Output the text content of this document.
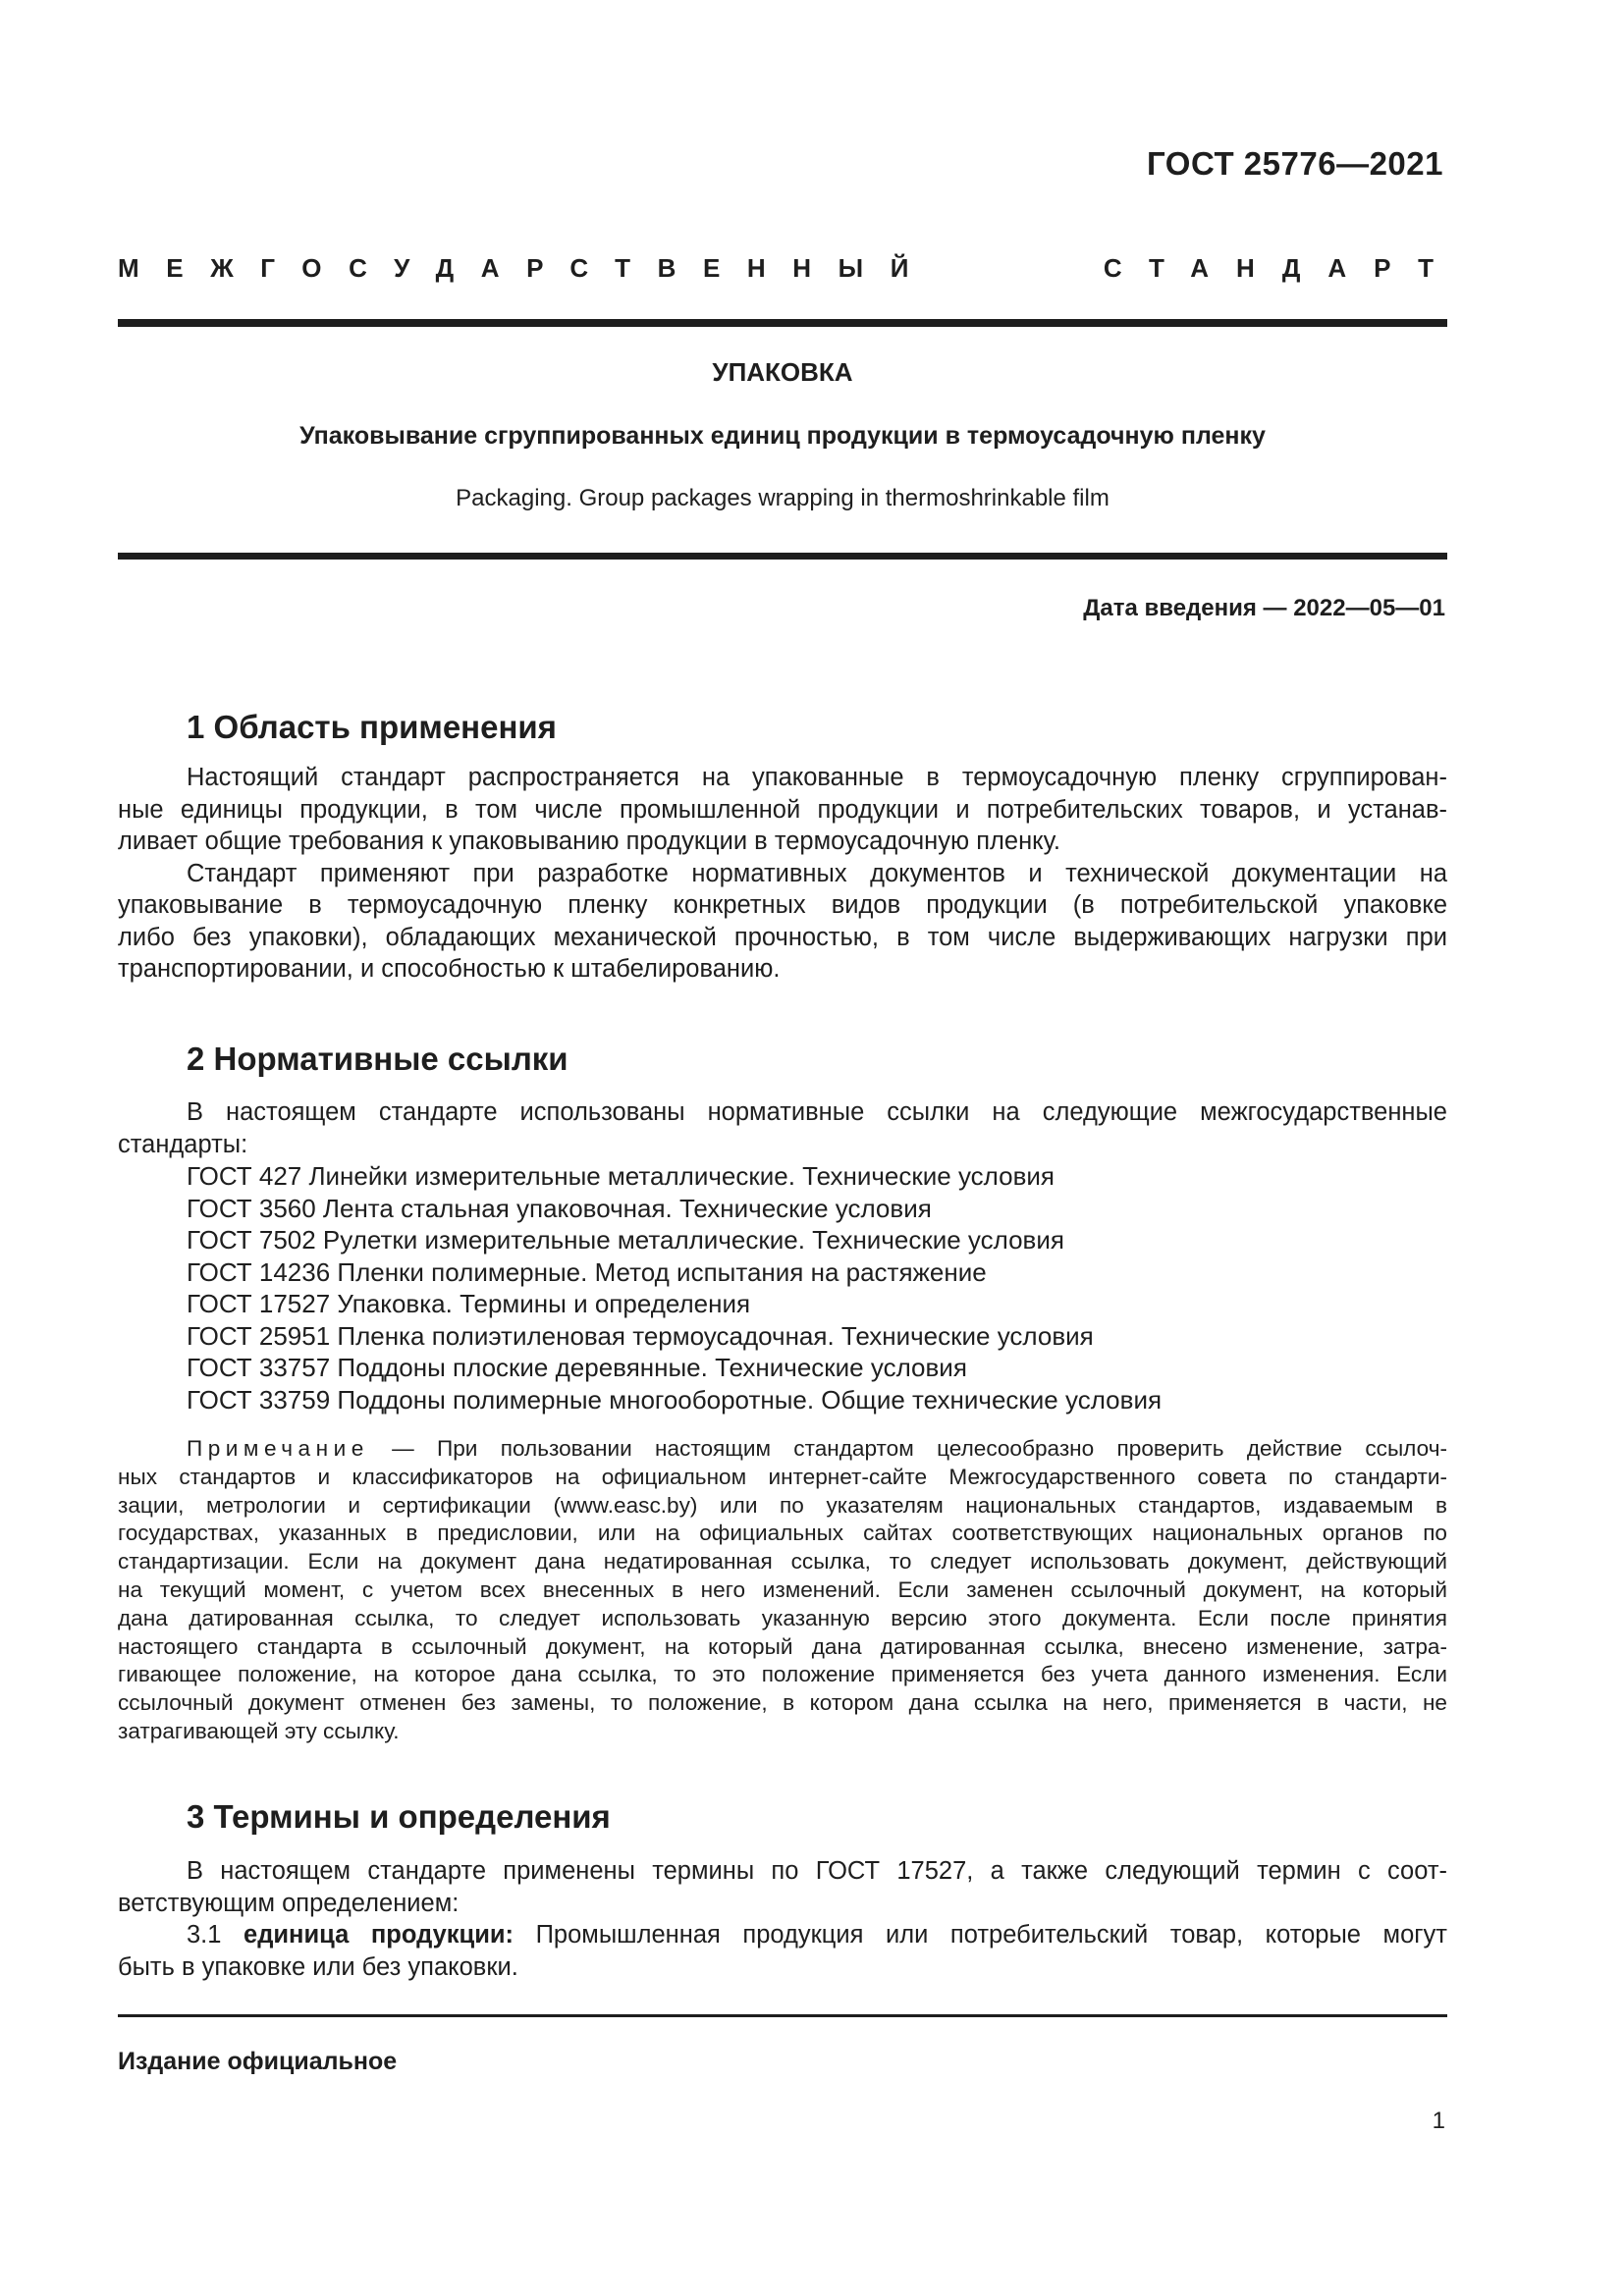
ГОСТ 25776—2021
МЕЖГОСУДАРСТВЕННЫЙ	СТАНДАРТ
УПАКОВКА
Упаковывание сгруппированных единиц продукции в термоусадочную пленку
Packaging. Group packages wrapping in thermoshrinkable film
Дата введения — 2022—05—01
1 Область применения
Настоящий стандарт распространяется на упакованные в термоусадочную пленку сгруппирован-
ные единицы продукции, в том числе промышленной продукции и потребительских товаров, и устанав-
ливает общие требования к упаковыванию продукции в термоусадочную пленку.
Стандарт применяют при разработке нормативных документов и технической документации на
упаковывание в термоусадочную пленку конкретных видов продукции (в потребительской упаковке
либо без упаковки), обладающих механической прочностью, в том числе выдерживающих нагрузки при
транспортировании, и способностью к штабелированию.
2 Нормативные ссылки
В настоящем стандарте использованы нормативные ссылки на следующие межгосударственные
стандарты:
ГОСТ 427 Линейки измерительные металлические. Технические условия
ГОСТ 3560 Лента стальная упаковочная. Технические условия
ГОСТ 7502 Рулетки измерительные металлические. Технические условия
ГОСТ 14236 Пленки полимерные. Метод испытания на растяжение
ГОСТ 17527 Упаковка. Термины и определения
ГОСТ 25951 Пленка полиэтиленовая термоусадочная. Технические условия
ГОСТ 33757 Поддоны плоские деревянные. Технические условия
ГОСТ 33759 Поддоны полимерные многооборотные. Общие технические условия
Примечание — При пользовании настоящим стандартом целесообразно проверить действие ссылоч-
ных стандартов и классификаторов на официальном интернет-сайте Межгосударственного совета по стандарти-
зации, метрологии и сертификации (www.easc.by) или по указателям национальных стандартов, издаваемым в
государствах, указанных в предисловии, или на официальных сайтах соответствующих национальных органов по
стандартизации. Если на документ дана недатированная ссылка, то следует использовать документ, действующий
на текущий момент, с учетом всех внесенных в него изменений. Если заменен ссылочный документ, на который
дана датированная ссылка, то следует использовать указанную версию этого документа. Если после принятия
настоящего стандарта в ссылочный документ, на который дана датированная ссылка, внесено изменение, затра-
гивающее положение, на которое дана ссылка, то это положение применяется без учета данного изменения. Если
ссылочный документ отменен без замены, то положение, в котором дана ссылка на него, применяется в части, не
затрагивающей эту ссылку.
3 Термины и определения
В настоящем стандарте применены термины по ГОСТ 17527, а также следующий термин с соот-
ветствующим определением:
3.1 единица продукции: Промышленная продукция или потребительский товар, которые могут
быть в упаковке или без упаковки.
Издание официальное
1
